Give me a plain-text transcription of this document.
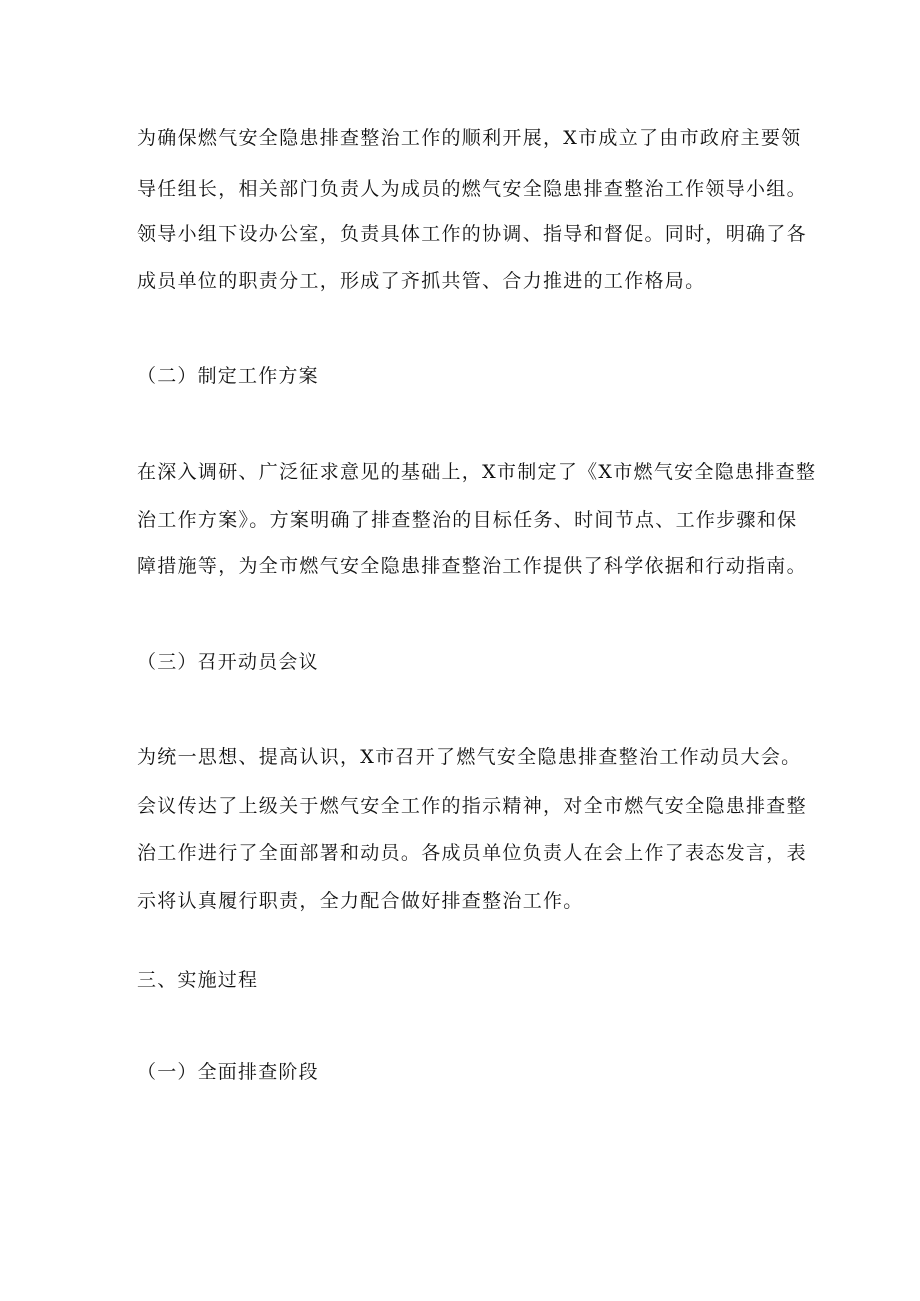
为确保燃气安全隐患排查整治工作的顺利开展，X市成立了由市政府主要领
导任组长，相关部门负责人为成员的燃气安全隐患排查整治工作领导小组。
领导小组下设办公室，负责具体工作的协调、指导和督促。同时，明确了各
成员单位的职责分工，形成了齐抓共管、合力推进的工作格局。
（二）制定工作方案
在深入调研、广泛征求意见的基础上，X市制定了《X市燃气安全隐患排查整
治工作方案》。方案明确了排查整治的目标任务、时间节点、工作步骤和保
障措施等，为全市燃气安全隐患排查整治工作提供了科学依据和行动指南。
（三）召开动员会议
为统一思想、提高认识，X市召开了燃气安全隐患排查整治工作动员大会。
会议传达了上级关于燃气安全工作的指示精神，对全市燃气安全隐患排查整
治工作进行了全面部署和动员。各成员单位负责人在会上作了表态发言，表
示将认真履行职责，全力配合做好排查整治工作。
三、实施过程
（一）全面排查阶段
